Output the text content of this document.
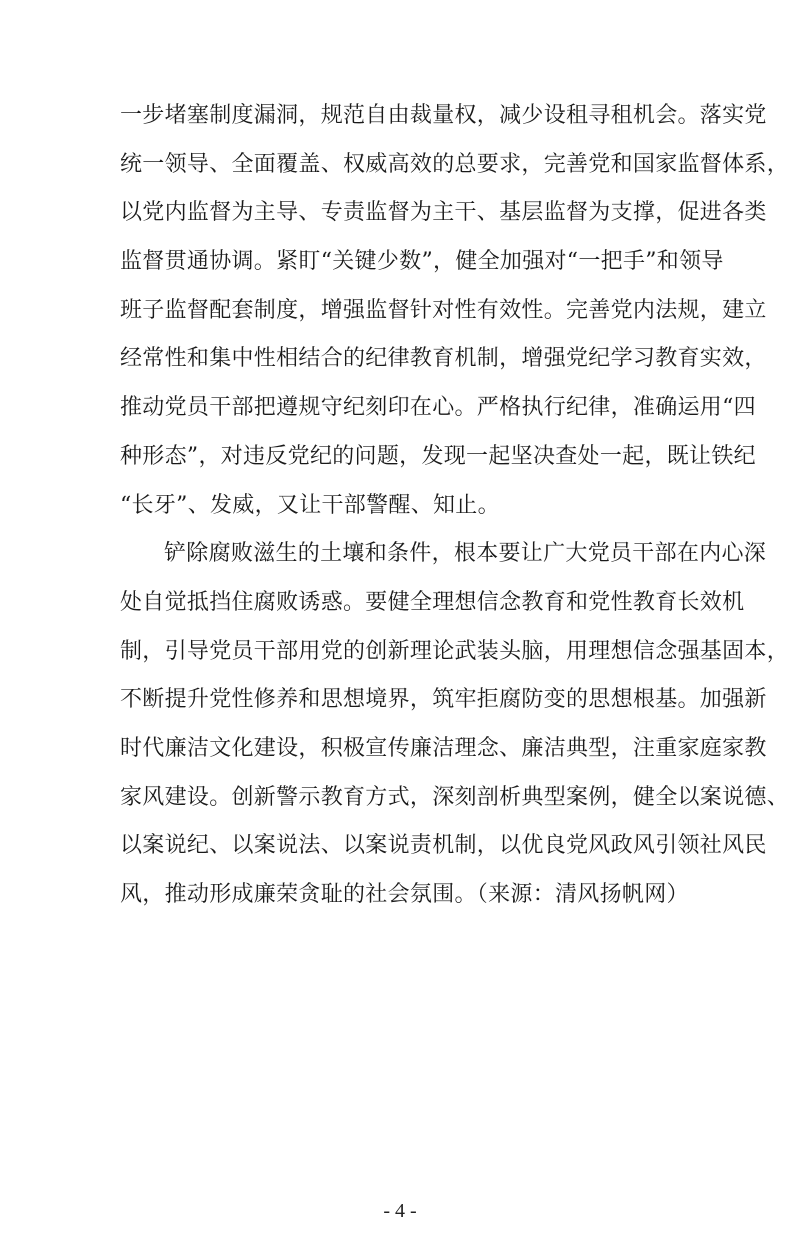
一步堵塞制度漏洞，规范自由裁量权，减少设租寻租机会。落实党
统一领导、全面覆盖、权威高效的总要求，完善党和国家监督体系，
以党内监督为主导、专责监督为主干、基层监督为支撑，促进各类
监督贯通协调。紧盯“关键少数”，健全加强对“一把手”和领导
班子监督配套制度，增强监督针对性有效性。完善党内法规，建立
经常性和集中性相结合的纪律教育机制，增强党纪学习教育实效，
推动党员干部把遵规守纪刻印在心。严格执行纪律，准确运用“四
种形态”，对违反党纪的问题，发现一起坚决查处一起，既让铁纪
“长牙”、发威，又让干部警醒、知止。
铲除腐败滋生的土壤和条件，根本要让广大党员干部在内心深
处自觉抵挡住腐败诱惑。要健全理想信念教育和党性教育长效机
制，引导党员干部用党的创新理论武装头脑，用理想信念强基固本，
不断提升党性修养和思想境界，筑牢拒腐防变的思想根基。加强新
时代廉洁文化建设，积极宣传廉洁理念、廉洁典型，注重家庭家教
家风建设。创新警示教育方式，深刻剖析典型案例，健全以案说德、
以案说纪、以案说法、以案说责机制，以优良党风政风引领社风民
风，推动形成廉荣贪耻的社会氛围。（来源：清风扬帆网）
- 4 -
